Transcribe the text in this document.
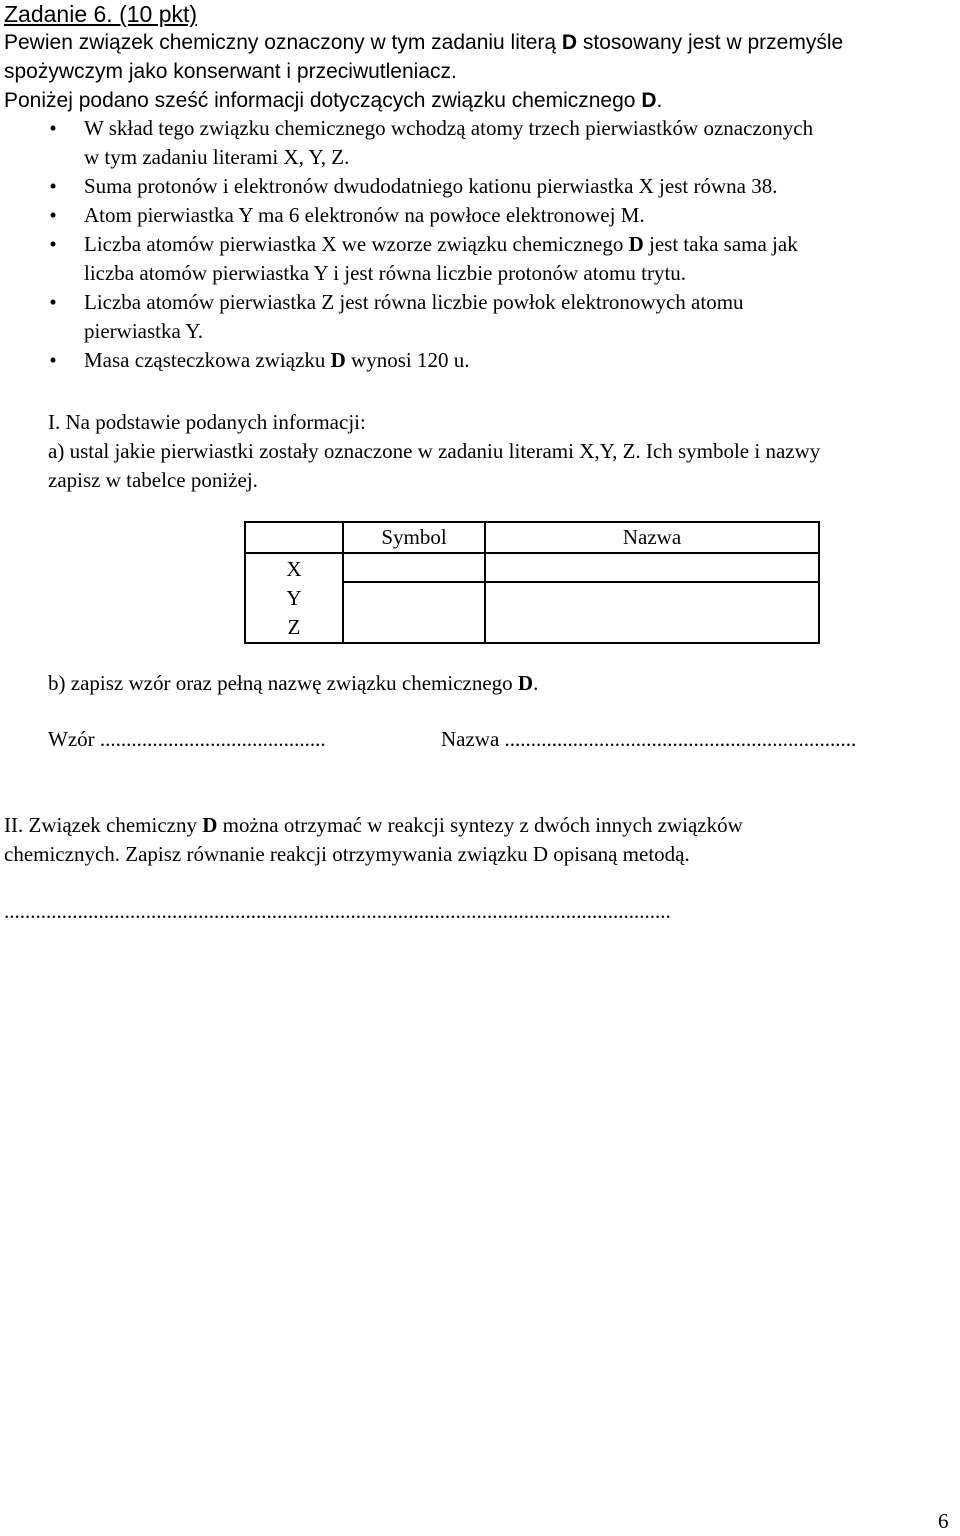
Zadanie 6. (10 pkt)
Pewien związek chemiczny oznaczony w tym zadaniu literą D stosowany jest w przemyśle
spożywczym jako konserwant i przeciwutleniacz.
Poniżej podano sześć informacji dotyczących związku chemicznego D.
• W skład tego związku chemicznego wchodzą atomy trzech pierwiastków oznaczonych
w tym zadaniu literami X, Y, Z.
• Suma protonów i elektronów dwudodatniego kationu pierwiastka X jest równa 38.
• Atom pierwiastka Y ma 6 elektronów na powłoce elektronowej M.
• Liczba atomów pierwiastka X we wzorze związku chemicznego D jest taka sama jak
liczba atomów pierwiastka Y i jest równa liczbie protonów atomu trytu.
• Liczba atomów pierwiastka Z jest równa liczbie powłok elektronowych atomu
pierwiastka Y.
• Masa cząsteczkowa związku D wynosi 120 u.
I. Na podstawie podanych informacji:
a) ustal jakie pierwiastki zostały oznaczone w zadaniu literami X,Y, Z. Ich symbole i nazwy
zapisz w tabelce poniżej.
	Symbol	Nazwa

X
Y
Z		

b) zapisz wzór oraz pełną nazwę związku chemicznego D.
Wzór ...........................................	Nazwa ...................................................................
II. Związek chemiczny D można otrzymać w reakcji syntezy z dwóch innych związków
chemicznych. Zapisz równanie reakcji otrzymywania związku D opisaną metodą.
...............................................................................................................................
6
